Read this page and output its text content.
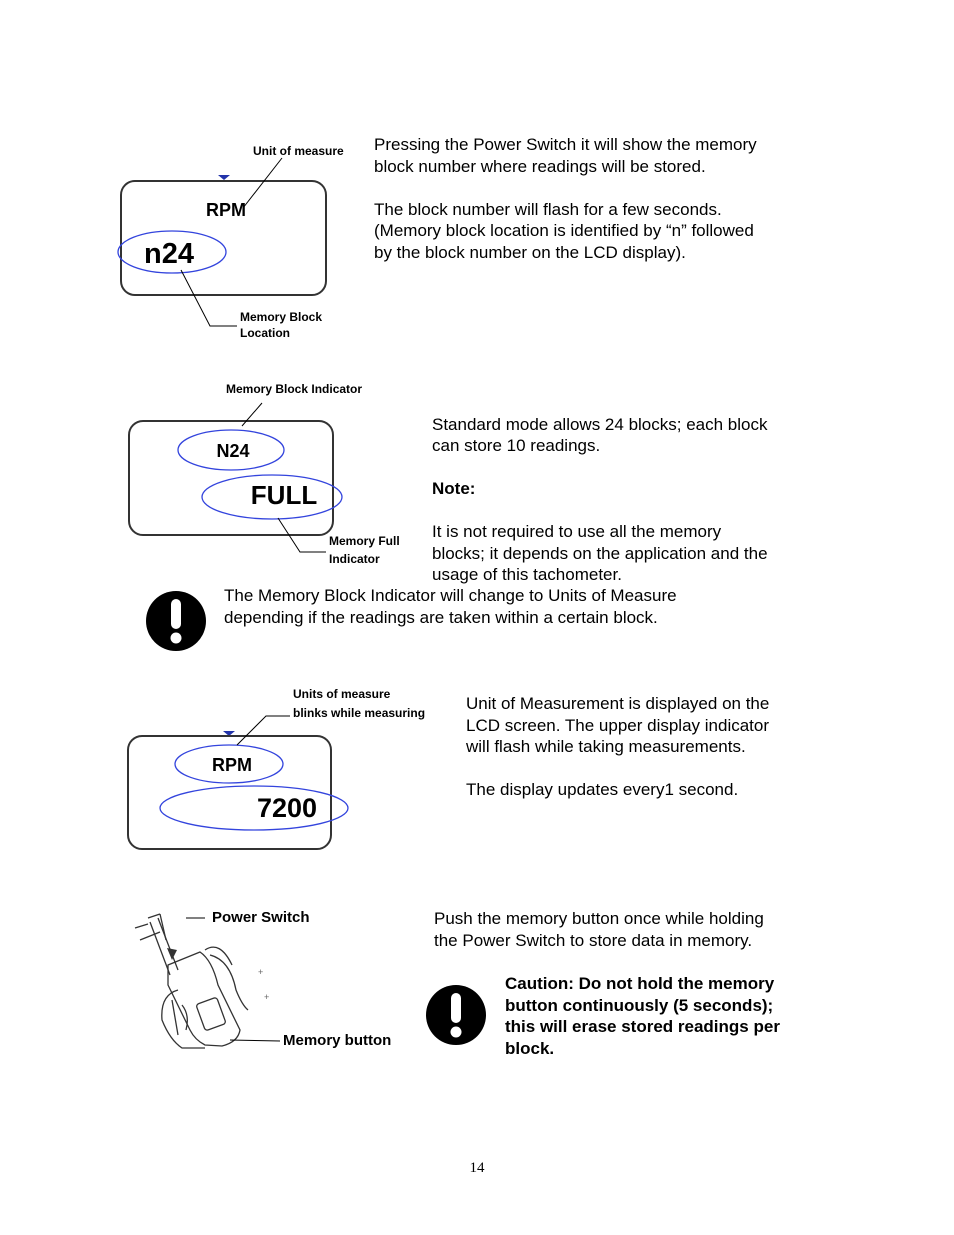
RPM
n24
Unit of measure
Memory Block
Location
Pressing the Power Switch it will show the memory
block number where readings will be stored.

The block number will flash for a few seconds.
(Memory block location is identified by “n” followed
by the block number on the LCD display).
N24
FULL
Memory Block Indicator
Memory Full
Indicator

Standard mode allows 24 blocks; each block
can store 10 readings.

Note:

It is not required to use all the memory
blocks; it depends on the application and the
usage of this tachometer.

The Memory Block Indicator will change to Units of Measure
depending if the readings are taken within a certain block.
RPM
7200
Units of measure
blinks while measuring Unit of Measurement is displayed on the
LCD screen. The upper display indicator
will flash while taking measurements.

The display updates every1 second.
+
+
Power Switch
Memory button
Push the memory button once while holding
the Power Switch to store data in memory.
Caution: Do not hold the memory
button continuously (5 seconds);
this will erase stored readings per
block.
14
